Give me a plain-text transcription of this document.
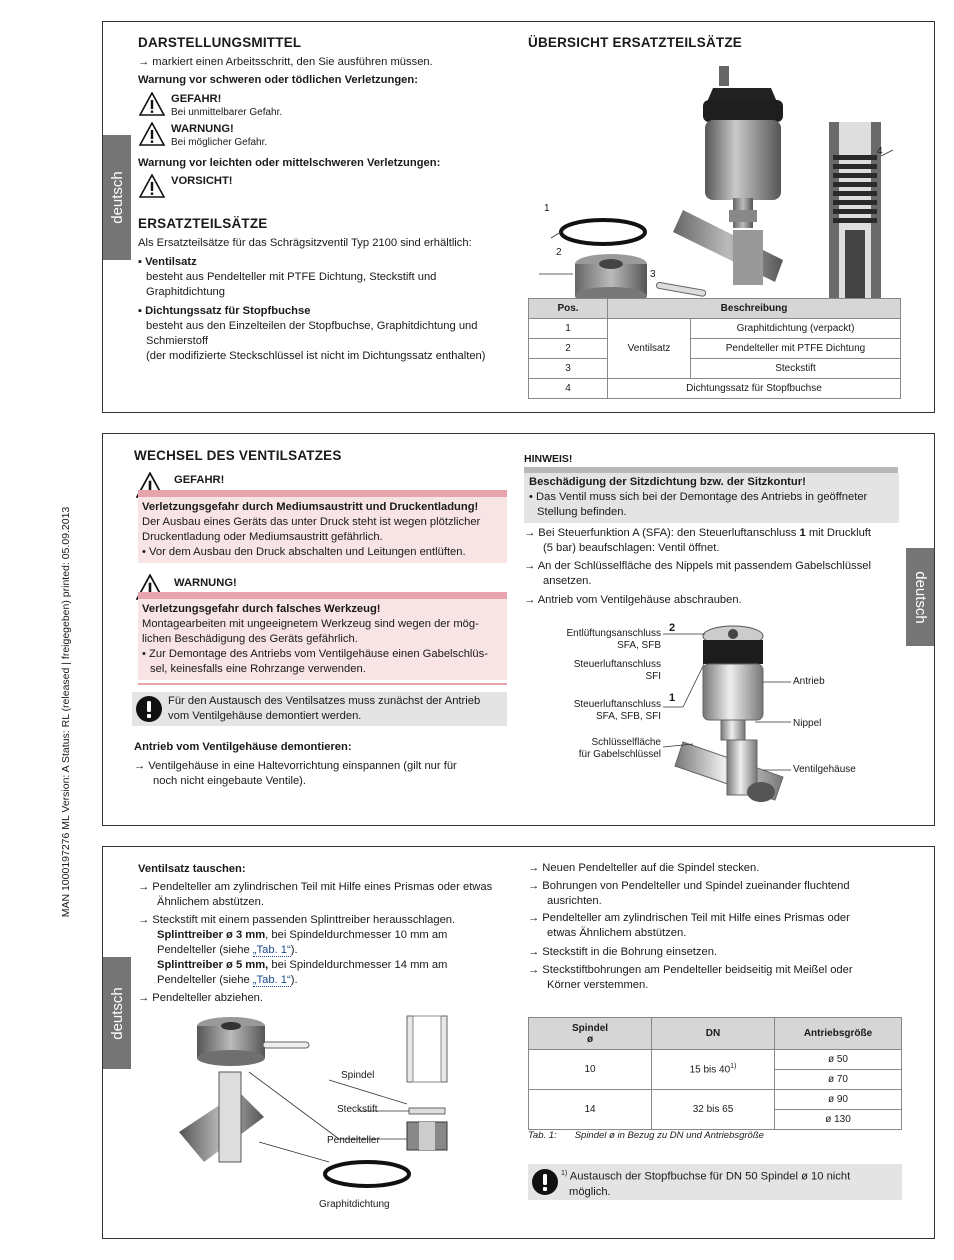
MAN 1000197276 ML Version: A Status: RL (released | freigegeben) printed: 05.09.2013
deutsch
DARSTELLUNGSMITTEL
→ markiert einen Arbeitsschritt, den Sie ausführen müssen.
Warnung vor schweren oder tödlichen Verletzungen:
GEFAHR!
Bei unmittelbarer Gefahr.
WARNUNG!
Bei möglicher Gefahr.
Warnung vor leichten oder mittelschweren Verletzungen:
VORSICHT!
ERSATZTEILSÄTZE
Als Ersatzteilsätze für das Schrägsitzventil Typ 2100 sind erhältlich:
▪ Ventilsatz
besteht aus Pendelteller mit PTFE Dichtung, Steckstift und
Graphitdichtung
▪ Dichtungssatz für Stopfbuchse
besteht aus den Einzelteilen der Stopfbuchse, Graphitdichtung und
Schmierstoff
(der modifizierte Steckschlüssel ist nicht im Dichtungssatz enthalten)
ÜBERSICHT ERSATZTEILSÄTZE
1
2
3
4
Pos.	Beschreibung	
1	Ventilsatz	Graphitdichtung (verpackt)
2		Pendelteller mit PTFE Dichtung
3		Steckstift
4	Dichtungssatz für Stopfbuchse	
deutsch
WECHSEL DES VENTILSATZES
GEFAHR!
Verletzungsgefahr durch Mediumsaustritt und Druckentladung!
Der Ausbau eines Geräts das unter Druck steht ist wegen plötzlicher
Druckentladung oder Mediumsaustritt gefährlich.
• Vor dem Ausbau den Druck abschalten und Leitungen entlüften.
WARNUNG!
Verletzungsgefahr durch falsches Werkzeug!
Montagearbeiten mit ungeeignetem Werkzeug sind wegen der mög-
lichen Beschädigung des Geräts gefährlich.
• Zur Demontage des Antriebs vom Ventilgehäuse einen Gabelschlüs-
sel, keinesfalls eine Rohrzange verwenden.
Für den Austausch des Ventilsatzes muss zunächst der Antrieb
vom Ventilgehäuse demontiert werden.
Antrieb vom Ventilgehäuse demontieren:
→ Ventilgehäuse in eine Haltevorrichtung einspannen (gilt nur für
noch nicht eingebaute Ventile).
HINWEIS!
Beschädigung der Sitzdichtung bzw. der Sitzkontur!
• Das Ventil muss sich bei der Demontage des Antriebs in geöffneter
Stellung befinden.
→ Bei Steuerfunktion A (SFA): den Steuerluftanschluss 1 mit Druckluft
(5 bar) beaufschlagen: Ventil öffnet.
→ An der Schlüsselfläche des Nippels mit passendem Gabelschlüssel
ansetzen.
→ Antrieb vom Ventilgehäuse abschrauben.
2
1
Entlüftungsanschluss
SFA, SFB
Steuerluftanschluss
SFI
Steuerluftanschluss
SFA, SFB, SFI
Schlüsselfläche
für Gabelschlüssel
Antrieb
Nippel
Ventilgehäuse
deutsch
Ventilsatz tauschen:
→ Pendelteller am zylindrischen Teil mit Hilfe eines Prismas oder etwas
Ähnlichem abstützen.
→ Steckstift mit einem passenden Splinttreiber herausschlagen.
Splinttreiber ø 3 mm, bei Spindeldurchmesser 10 mm am
Pendelteller (siehe „Tab. 1“).
Splinttreiber ø 5 mm, bei Spindeldurchmesser 14 mm am
Pendelteller (siehe „Tab. 1“).
→ Pendelteller abziehen.
Spindel
Steckstift
Pendelteller
Graphitdichtung
→ Neuen Pendelteller auf die Spindel stecken.
→ Bohrungen von Pendelteller und Spindel zueinander fluchtend
ausrichten.
→ Pendelteller am zylindrischen Teil mit Hilfe eines Prismas oder
etwas Ähnlichem abstützen.
→ Steckstift in die Bohrung einsetzen.
→ Steckstiftbohrungen am Pendelteller beidseitig mit Meißel oder
Körner verstemmen.
Spindel
ø	DN	Antriebsgröße
10	15 bis 40$^{1)}$	ø 50
		ø 70
14	32 bis 65	ø 90
		ø 130
Tab. 1: Spindel ø in Bezug zu DN und Antriebsgröße
$^{1)}$ Austausch der Stopfbuchse für DN 50 Spindel ø 10 nicht
möglich.
